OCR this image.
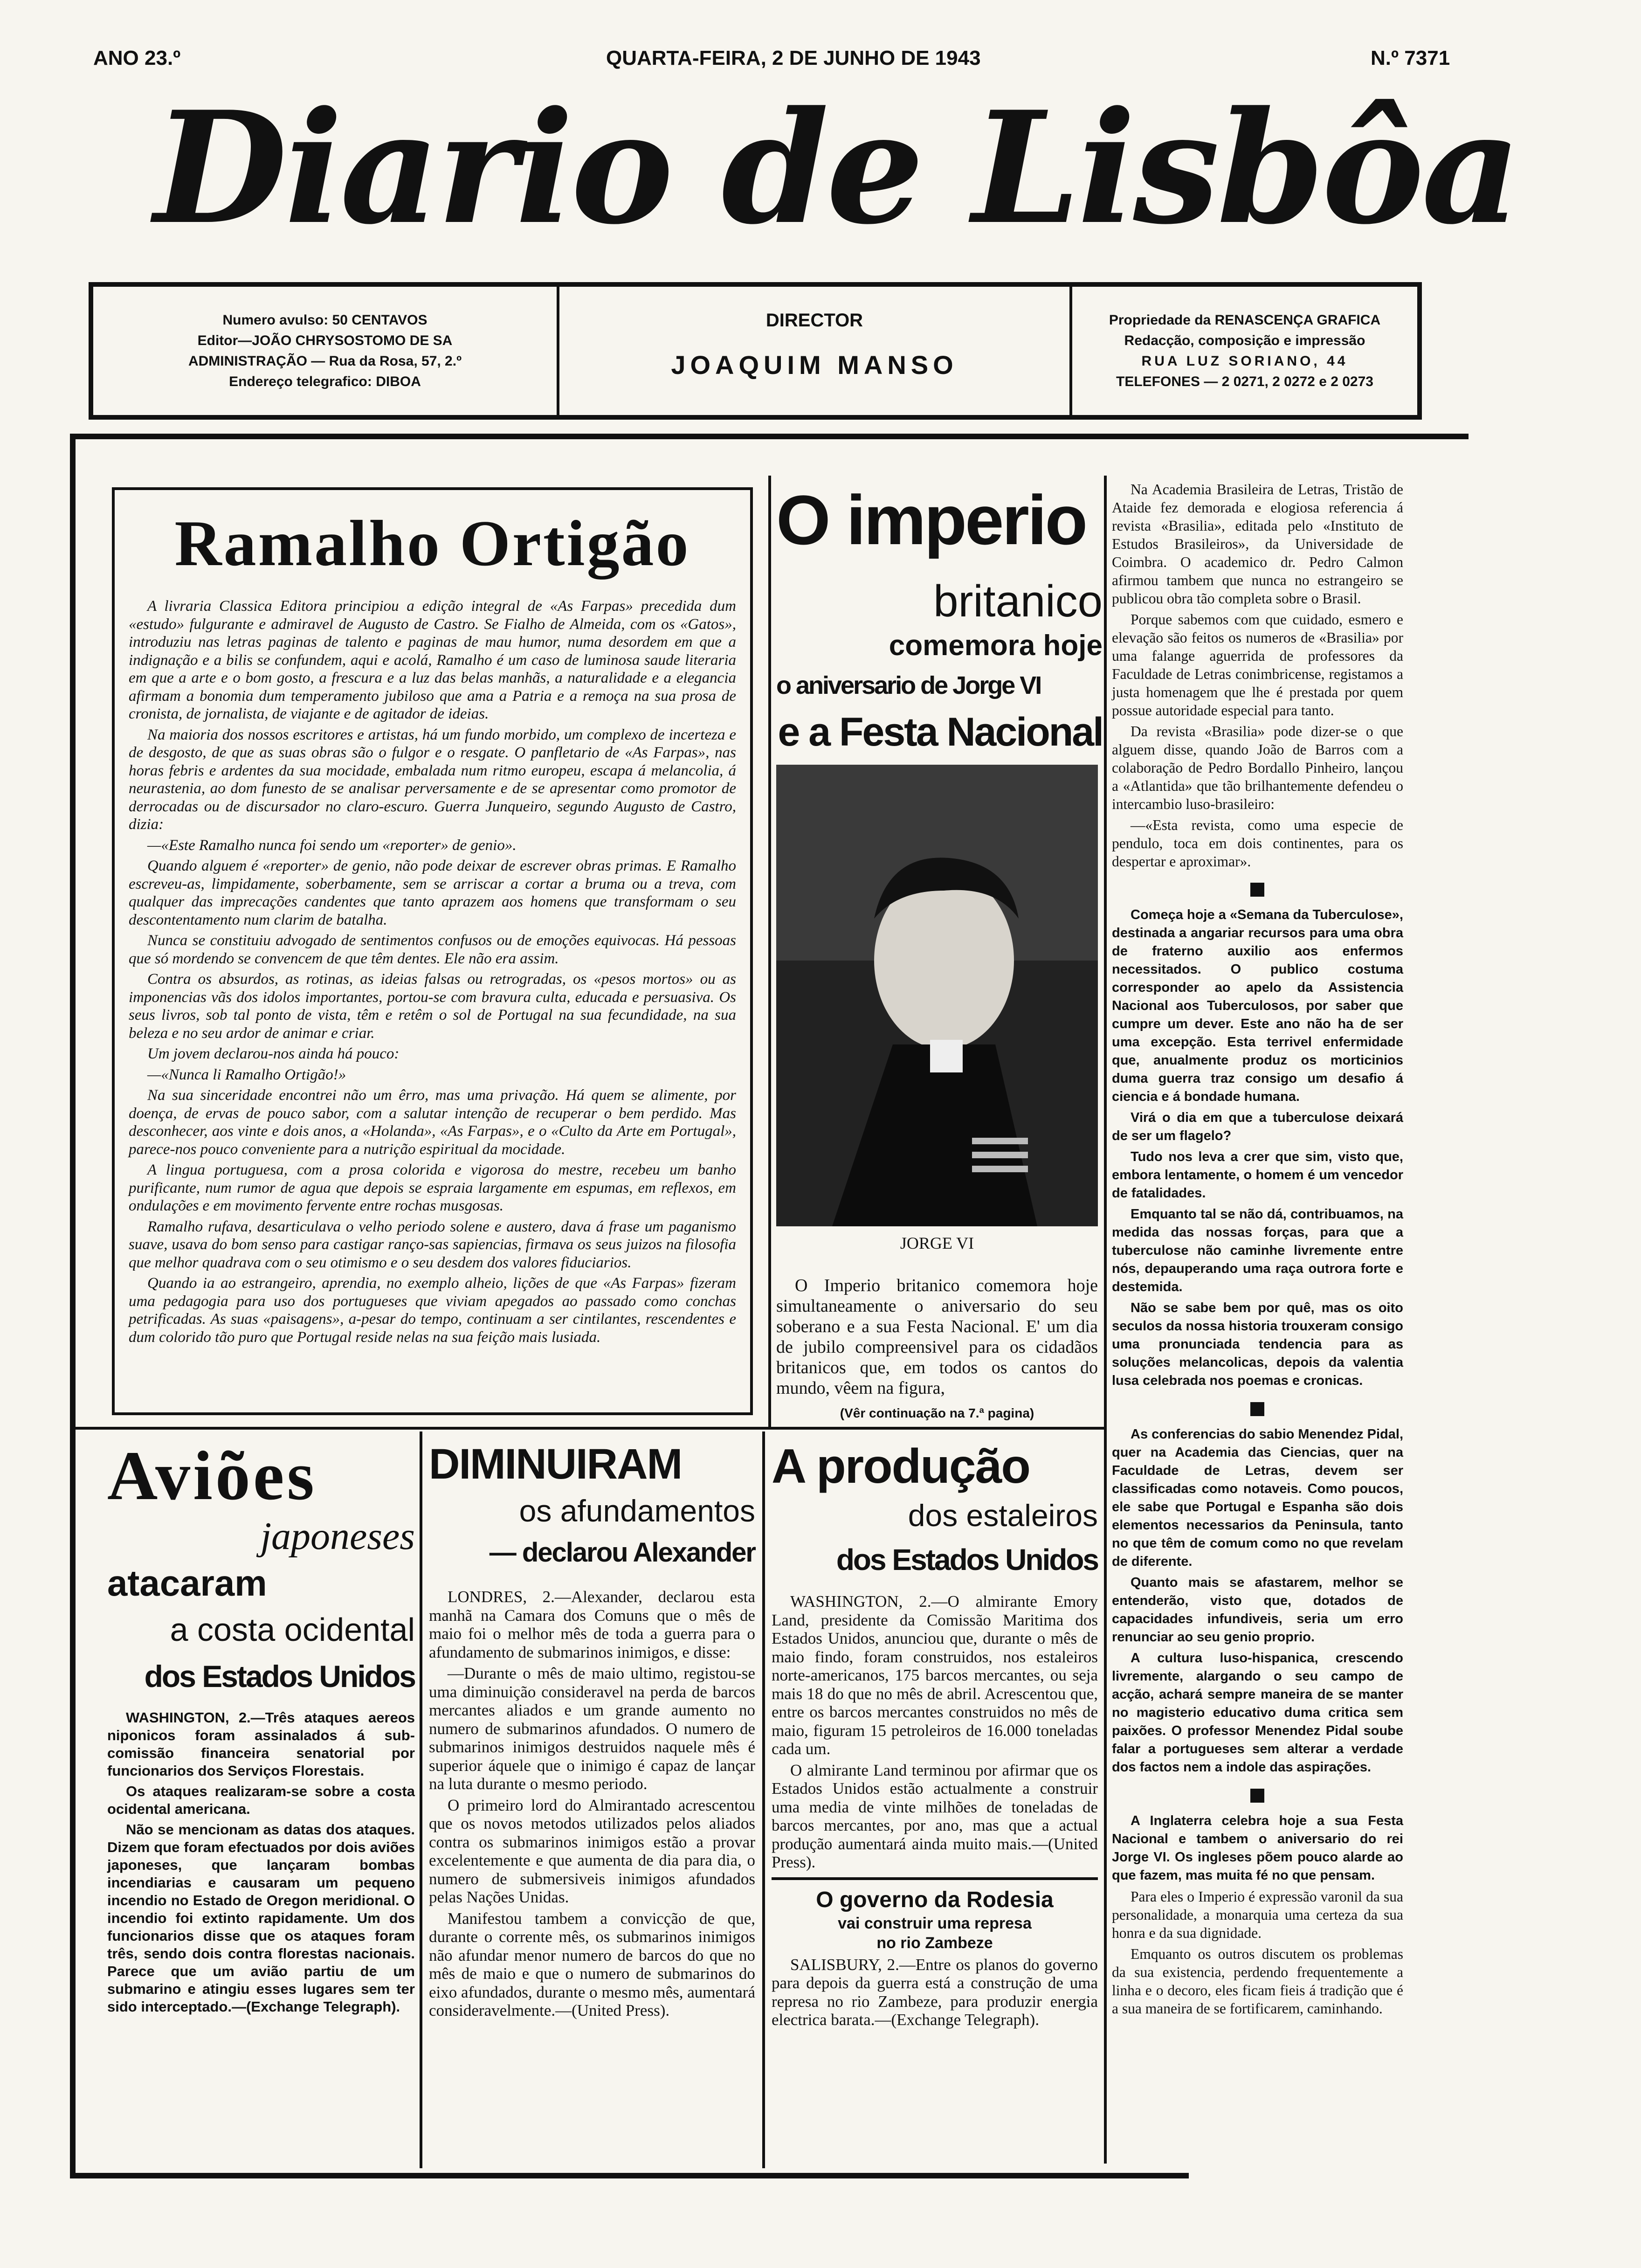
ANO 23.º	QUARTA-FEIRA, 2 DE JUNHO DE 1943	N.º 7371
Diario de Lisbôa
Numero avulso: 50 CENTAVOS
Editor—JOÃO CHRYSOSTOMO DE SA
ADMINISTRAÇÃO — Rua da Rosa, 57, 2.º
Endereço telegrafico: DIBOA
DIRECTOR
JOAQUIM MANSO
Propriedade da RENASCENÇA GRAFICA
Redacção, composição e impressão
RUA LUZ SORIANO, 44
TELEFONES — 2 0271, 2 0272 e 2 0273
Ramalho Ortigão

A livraria Classica Editora principiou a edição integral de «As Farpas» precedida dum «estudo» fulgurante e admiravel de Augusto de Castro. Se Fialho de Almeida, com os «Gatos», introduziu nas letras paginas de talento e paginas de mau humor, numa desordem em que a indignação e a bilis se confundem, aqui e acolá, Ramalho é um caso de luminosa saude literaria em que a arte e o bom gosto, a frescura e a luz das belas manhãs, a naturalidade e a elegancia afirmam a bonomia dum temperamento jubiloso que ama a Patria e a remoça na sua prosa de cronista, de jornalista, de viajante e de agitador de ideias.

Na maioria dos nossos escritores e artistas, há um fundo morbido, um complexo de incerteza e de desgosto, de que as suas obras são o fulgor e o resgate. O panfletario de «As Farpas», nas horas febris e ardentes da sua mocidade, embalada num ritmo europeu, escapa á melancolia, á neurastenia, ao dom funesto de se analisar perversamente e de se apresentar como promotor de derrocadas ou de discursador no claro-escuro. Guerra Junqueiro, segundo Augusto de Castro, dizia:

—«Este Ramalho nunca foi sendo um «reporter» de genio».

Quando alguem é «reporter» de genio, não pode deixar de escrever obras primas. E Ramalho escreveu-as, limpidamente, soberbamente, sem se arriscar a cortar a bruma ou a treva, com qualquer das imprecações candentes que tanto aprazem aos homens que transformam o seu descontentamento num clarim de batalha.

Nunca se constituiu advogado de sentimentos confusos ou de emoções equivocas. Há pessoas que só mordendo se convencem de que têm dentes. Ele não era assim.

Contra os absurdos, as rotinas, as ideias falsas ou retrogradas, os «pesos mortos» ou as imponencias vãs dos idolos importantes, portou-se com bravura culta, educada e persuasiva. Os seus livros, sob tal ponto de vista, têm e retêm o sol de Portugal na sua fecundidade, na sua beleza e no seu ardor de animar e criar.

Um jovem declarou-nos ainda há pouco:

—«Nunca li Ramalho Ortigão!»

Na sua sinceridade encontrei não um êrro, mas uma privação. Há quem se alimente, por doença, de ervas de pouco sabor, com a salutar intenção de recuperar o bem perdido. Mas desconhecer, aos vinte e dois anos, a «Holanda», «As Farpas», e o «Culto da Arte em Portugal», parece-nos pouco conveniente para a nutrição espiritual da mocidade.

A lingua portuguesa, com a prosa colorida e vigorosa do mestre, recebeu um banho purificante, num rumor de agua que depois se espraia largamente em espumas, em reflexos, em ondulações e em movimento fervente entre rochas musgosas.

Ramalho rufava, desarticulava o velho periodo solene e austero, dava á frase um paganismo suave, usava do bom senso para castigar ranço-sas sapiencias, firmava os seus juizos na filosofia que melhor quadrava com o seu otimismo e o seu desdem dos valores fiduciarios.

Quando ia ao estrangeiro, aprendia, no exemplo alheio, lições de que «As Farpas» fizeram uma pedagogia para uso dos portugueses que viviam apegados ao passado como conchas petrificadas. As suas «paisagens», a-pesar do tempo, continuam a ser cintilantes, rescendentes e dum colorido tão puro que Portugal reside nelas na sua feição mais lusiada.

O imperio
britanico
comemora hoje
o aniversario de Jorge VI
e a Festa Nacional
JORGE VI

O Imperio britanico comemora hoje simultaneamente o aniversario do seu soberano e a sua Festa Nacional. E' um dia de jubilo compreensivel para os cidadãos britanicos que, em todos os cantos do mundo, vêem na figura,

(Vêr continuação na 7.ª pagina)

Na Academia Brasileira de Letras, Tristão de Ataide fez demorada e elogiosa referencia á revista «Brasilia», editada pelo «Instituto de Estudos Brasileiros», da Universidade de Coimbra. O academico dr. Pedro Calmon afirmou tambem que nunca no estrangeiro se publicou obra tão completa sobre o Brasil.

Porque sabemos com que cuidado, esmero e elevação são feitos os numeros de «Brasilia» por uma falange aguerrida de professores da Faculdade de Letras conimbricense, registamos a justa homenagem que lhe é prestada por quem possue autoridade especial para tanto.

Da revista «Brasilia» pode dizer-se o que alguem disse, quando João de Barros com a colaboração de Pedro Bordallo Pinheiro, lançou a «Atlantida» que tão brilhantemente defendeu o intercambio luso-brasileiro:

—«Esta revista, como uma especie de pendulo, toca em dois continentes, para os despertar e aproximar».

Começa hoje a «Semana da Tuberculose», destinada a angariar recursos para uma obra de fraterno auxilio aos enfermos necessitados. O publico costuma corresponder ao apelo da Assistencia Nacional aos Tuberculosos, por saber que cumpre um dever. Este ano não ha de ser uma excepção. Esta terrivel enfermidade que, anualmente produz os morticinios duma guerra traz consigo um desafio á ciencia e á bondade humana.

Virá o dia em que a tuberculose deixará de ser um flagelo?

Tudo nos leva a crer que sim, visto que, embora lentamente, o homem é um vencedor de fatalidades.

Emquanto tal se não dá, contribuamos, na medida das nossas forças, para que a tuberculose não caminhe livremente entre nós, depauperando uma raça outrora forte e destemida.

Não se sabe bem por quê, mas os oito seculos da nossa historia trouxeram consigo uma pronunciada tendencia para as soluções melancolicas, depois da valentia lusa celebrada nos poemas e cronicas.

As conferencias do sabio Menendez Pidal, quer na Academia das Ciencias, quer na Faculdade de Letras, devem ser classificadas como notaveis. Como poucos, ele sabe que Portugal e Espanha são dois elementos necessarios da Peninsula, tanto no que têm de comum como no que revelam de diferente.

Quanto mais se afastarem, melhor se entenderão, visto que, dotados de capacidades infundiveis, seria um erro renunciar ao seu genio proprio.

A cultura luso-hispanica, crescendo livremente, alargando o seu campo de acção, achará sempre maneira de se manter no magisterio educativo duma critica sem paixões. O professor Menendez Pidal soube falar a portugueses sem alterar a verdade dos factos nem a indole das aspirações.

A Inglaterra celebra hoje a sua Festa Nacional e tambem o aniversario do rei Jorge VI. Os ingleses põem pouco alarde ao que fazem, mas muita fé no que pensam.

Para eles o Imperio é expressão varonil da sua personalidade, a monarquia uma certeza da sua honra e da sua dignidade.

Emquanto os outros discutem os problemas da sua existencia, perdendo frequentemente a linha e o decoro, eles ficam fieis á tradição que é a sua maneira de se fortificarem, caminhando.

Aviões
japoneses
atacaram
a costa ocidental
dos Estados Unidos

WASHINGTON, 2.—Três ataques aereos niponicos foram assinalados á sub-comissão financeira senatorial por funcionarios dos Serviços Florestais.

Os ataques realizaram-se sobre a costa ocidental americana.

Não se mencionam as datas dos ataques. Dizem que foram efectuados por dois aviões japoneses, que lançaram bombas incendiarias e causaram um pequeno incendio no Estado de Oregon meridional. O incendio foi extinto rapidamente. Um dos funcionarios disse que os ataques foram três, sendo dois contra florestas nacionais. Parece que um avião partiu de um submarino e atingiu esses lugares sem ter sido interceptado.—(Exchange Telegraph).

DIMINUIRAM
os afundamentos
— declarou Alexander

LONDRES, 2.—Alexander, declarou esta manhã na Camara dos Comuns que o mês de maio foi o melhor mês de toda a guerra para o afundamento de submarinos inimigos, e disse:

—Durante o mês de maio ultimo, registou-se uma diminuição consideravel na perda de barcos mercantes aliados e um grande aumento no numero de submarinos afundados. O numero de submarinos inimigos destruidos naquele mês é superior áquele que o inimigo é capaz de lançar na luta durante o mesmo periodo.

O primeiro lord do Almirantado acrescentou que os novos metodos utilizados pelos aliados contra os submarinos inimigos estão a provar excelentemente e que aumenta de dia para dia, o numero de submersiveis inimigos afundados pelas Nações Unidas.

Manifestou tambem a convicção de que, durante o corrente mês, os submarinos inimigos não afundar menor numero de barcos do que no mês de maio e que o numero de submarinos do eixo afundados, durante o mesmo mês, aumentará consideravelmente.—(United Press).

A produção
dos estaleiros
dos Estados Unidos

WASHINGTON, 2.—O almirante Emory Land, presidente da Comissão Maritima dos Estados Unidos, anunciou que, durante o mês de maio findo, foram construidos, nos estaleiros norte-americanos, 175 barcos mercantes, ou seja mais 18 do que no mês de abril. Acrescentou que, entre os barcos mercantes construidos no mês de maio, figuram 15 petroleiros de 16.000 toneladas cada um.

O almirante Land terminou por afirmar que os Estados Unidos estão actualmente a construir uma media de vinte milhões de toneladas de barcos mercantes, por ano, mas que a actual produção aumentará ainda muito mais.—(United Press).

O governo da Rodesia
vai construir uma represa
no rio Zambeze

SALISBURY, 2.—Entre os planos do governo para depois da guerra está a construção de uma represa no rio Zambeze, para produzir energia electrica barata.—(Exchange Telegraph).
